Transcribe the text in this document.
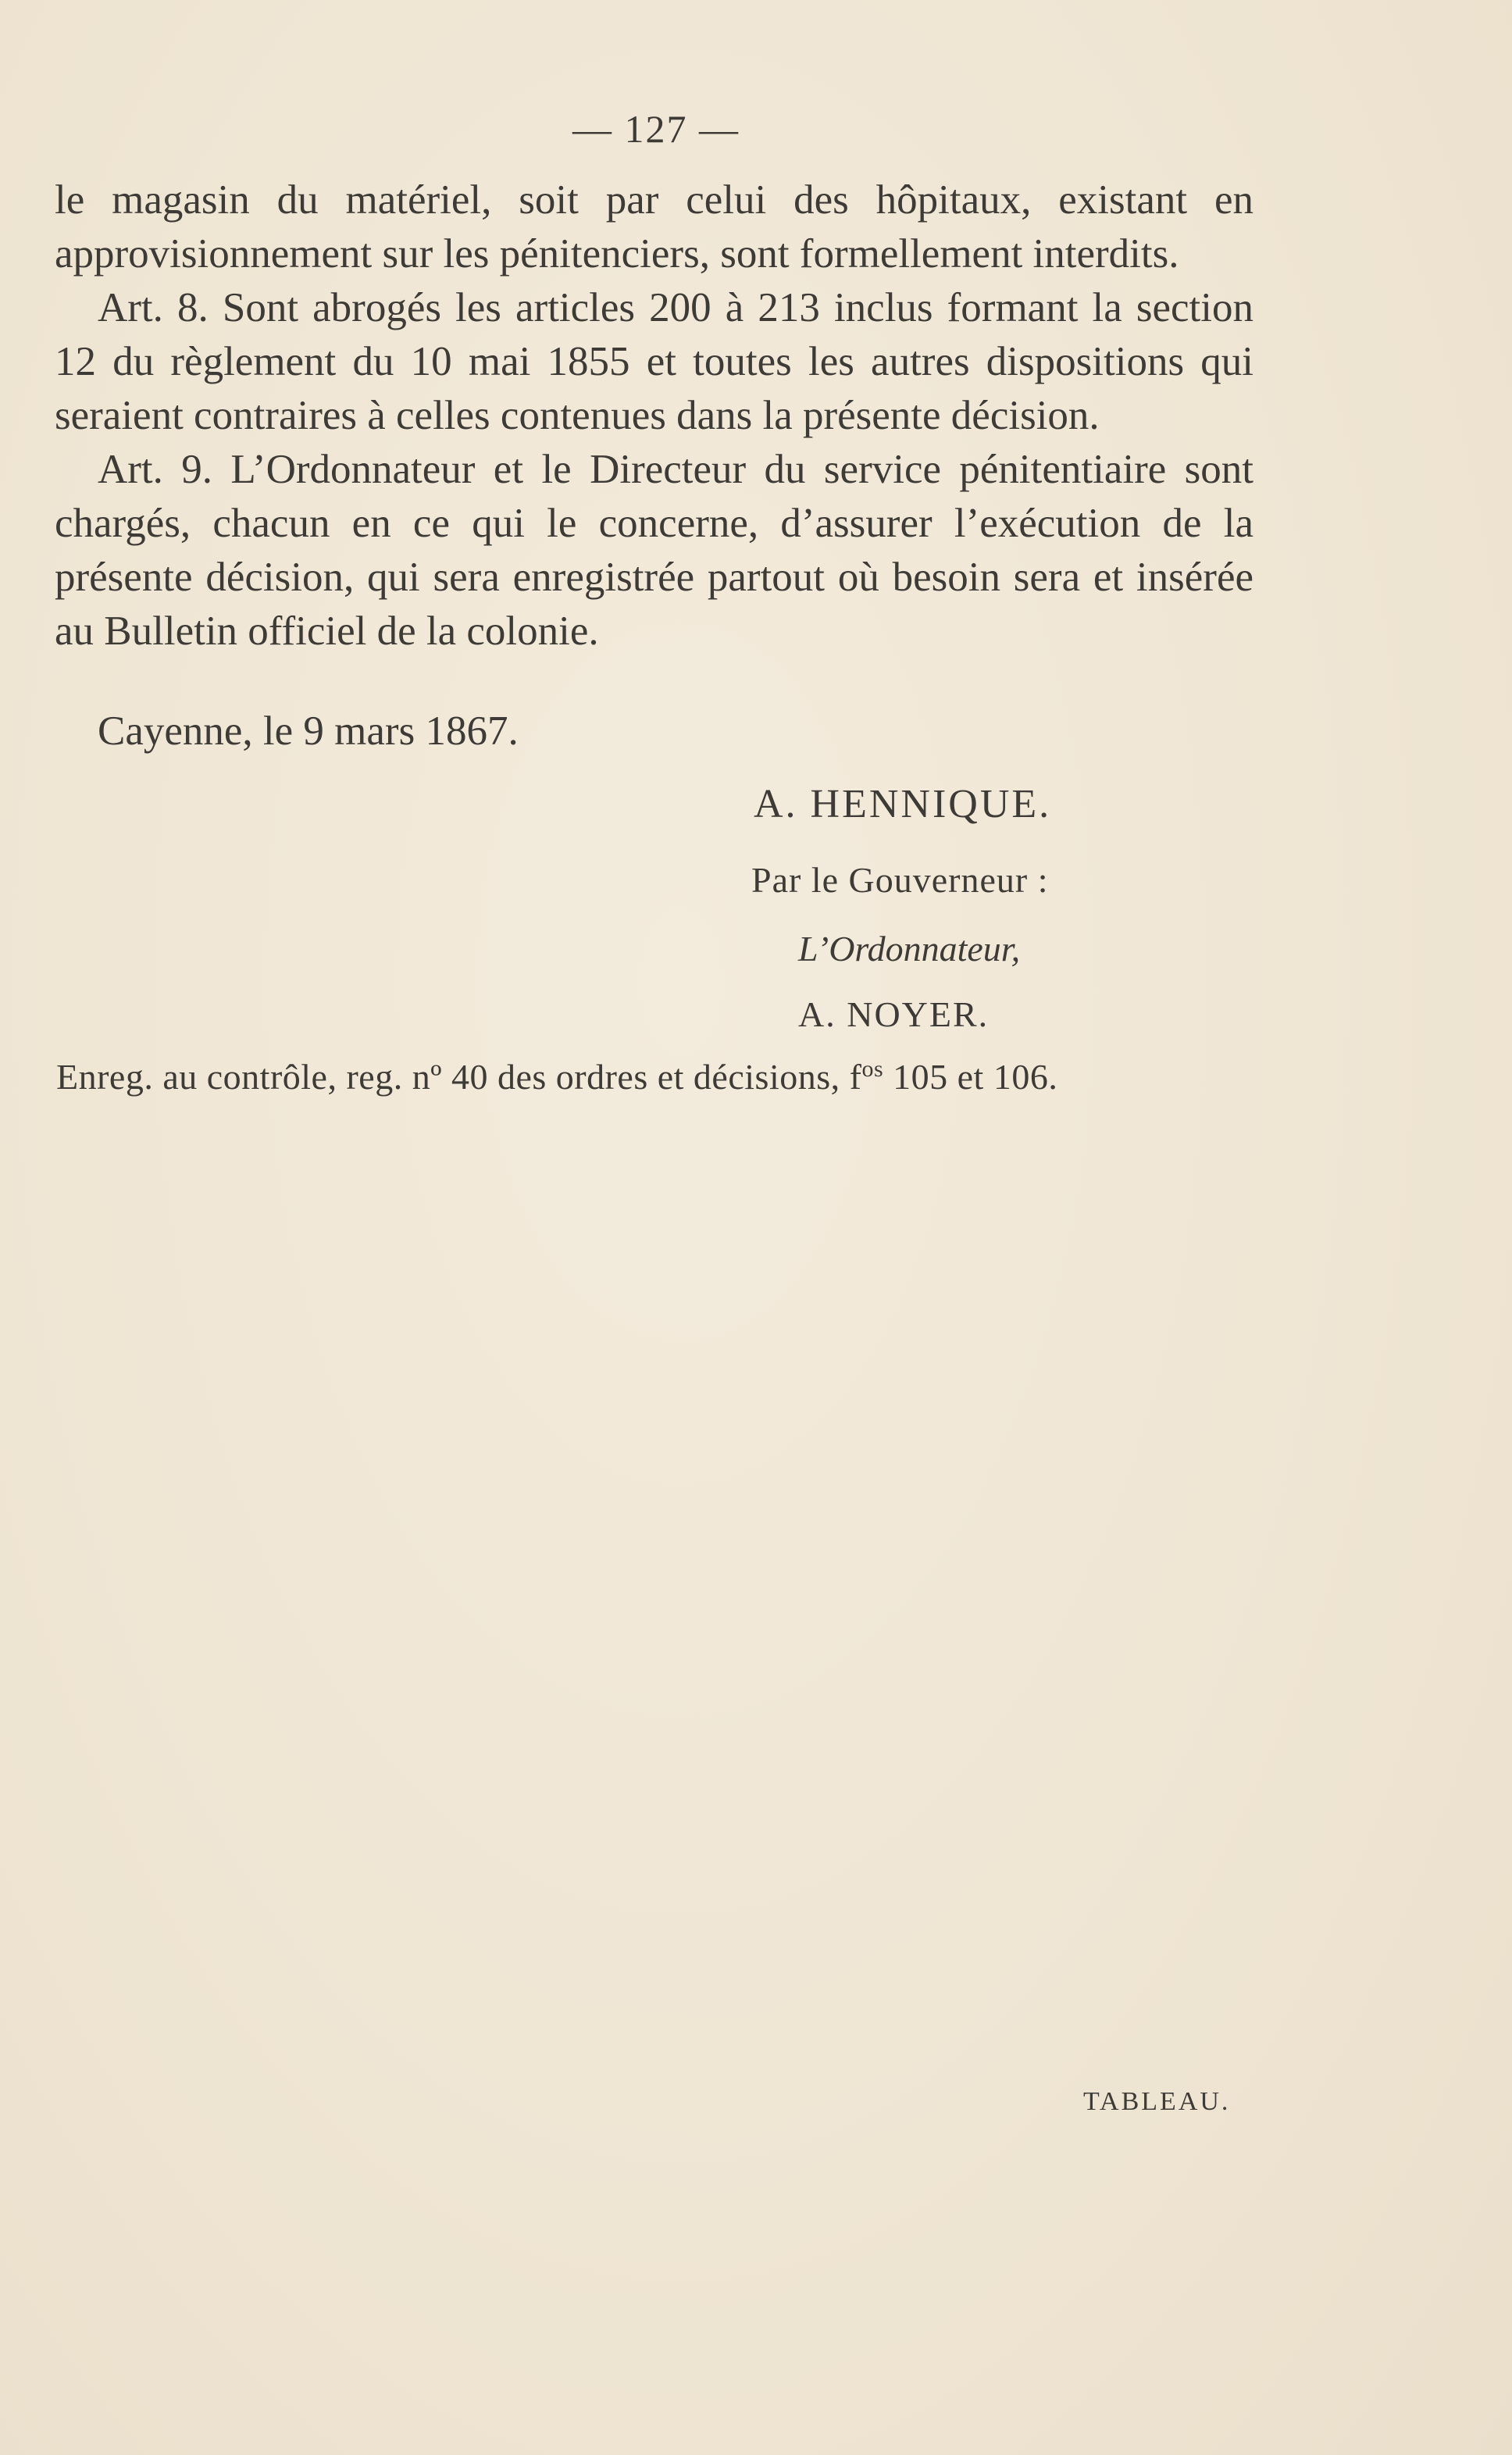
— 127 —

le magasin du matériel, soit par celui des hôpitaux, existant en approvisionnement sur les pénitenciers, sont formellement interdits.

Art. 8. Sont abrogés les articles 200 à 213 inclus formant la section 12 du règlement du 10 mai 1855 et toutes les autres dispositions qui seraient contraires à celles contenues dans la présente décision.

Art. 9. L’Ordonnateur et le Directeur du service pénitentiaire sont chargés, chacun en ce qui le concerne, d’assurer l’exécution de la présente décision, qui sera enregistrée partout où besoin sera et insérée au Bulletin officiel de la colonie.

Cayenne, le 9 mars 1867.
A. HENNIQUE.
Par le Gouverneur :
L’Ordonnateur,
A. NOYER.
Enreg. au contrôle, reg. nº 40 des ordres et décisions, $f^{os}$ 105 et 106.
TABLEAU.
